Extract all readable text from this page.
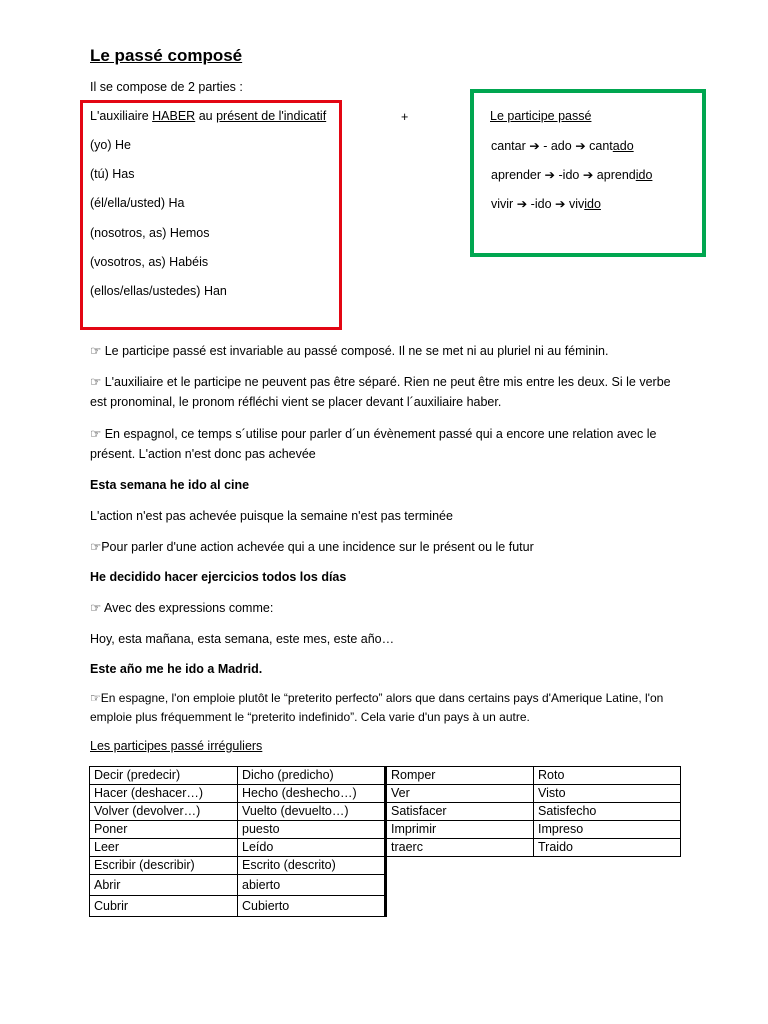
Le passé composé
Il se compose de 2 parties :
L'auxiliaire HABER au présent de l'indicatif
(yo) He
(tú) Has
(él/ella/usted) Ha
(nosotros, as) Hemos
(vosotros, as) Habéis
(ellos/ellas/ustedes) Han
+	Le participe passé
cantar ➔ - ado ➔ cantado
aprender ➔ -ido ➔ aprendido
vivir ➔ -ido ➔ vivido
☞ Le participe passé est invariable au passé composé. Il ne se met ni au pluriel ni au féminin.
☞ L'auxiliaire et le participe ne peuvent pas être séparé. Rien ne peut être mis entre les deux. Si le verbe est pronominal, le pronom réfléchi vient se placer devant l´auxiliaire haber.
☞ En espagnol, ce temps s´utilise pour parler d´un évènement passé qui a encore une relation avec le présent. L'action n'est donc pas achevée
Esta semana he ido al cine
L'action n'est pas achevée puisque la semaine n'est pas terminée
☞Pour parler d'une action achevée qui a une incidence sur le présent ou le futur
He decidido hacer ejercicios todos los días
☞ Avec des expressions comme:
Hoy, esta mañana, esta semana, este mes, este año…
Este año me he ido a Madrid.
☞En espagne, l'on emploie plutôt le “preterito perfecto” alors que dans certains pays d'Amerique Latine, l'on emploie plus fréquemment le “preterito indefinido”. Cela varie d'un pays à un autre.
Les participes passé irréguliers
Decir (predecir)	Dicho (predicho)
Hacer (deshacer…)	Hecho (deshecho…)
Volver (devolver…)	Vuelto (devuelto…)
Poner	puesto
Leer	Leído
Escribir (describir)	Escrito (descrito)
Abrir	abierto
Cubrir	Cubierto
Romper	Roto
Ver	Visto
Satisfacer	Satisfecho
Imprimir	Impreso
traerc	Traido
